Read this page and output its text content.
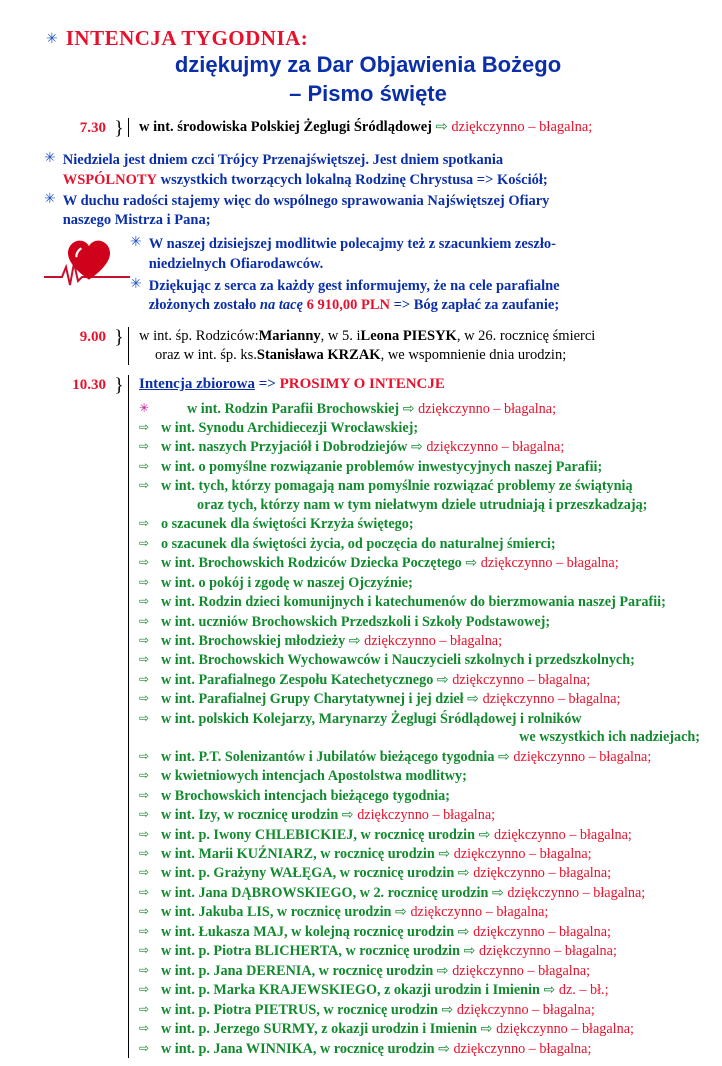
✳ INTENCJA TYGODNIA:
dziękujmy za Dar Objawienia Bożego
– Pismo święte
7.30 }	w int. środowiska Polskiej Żeglugi Śródlądowej ⇨ dziękczynno – błagalna;
✳ Niedziela jest dniem czci Trójcy Przenajświętszej. Jest dniem spotkania
WSPÓLNOTY wszystkich tworzących lokalną Rodzinę Chrystusa => Kościół;
✳ W duchu radości stajemy więc do wspólnego sprawowania Najświętszej Ofiary
naszego Mistrza i Pana;
✳ W naszej dzisiejszej modlitwie polecajmy też z szacunkiem zeszło-
niedzielnych Ofiarodawców.
✳ Dziękując z serca za każdy gest informujemy, że na cele parafialne
złożonych zostało na tacę 6 910,00 PLN => Bóg zapłać za zaufanie;
9.00 }	w int. śp. Rodziców:Marianny, w 5. iLeona PIESYK, w 26. rocznicę śmierci
oraz w int. śp. ks.Stanisława KRZAK, we wspomnienie dnia urodzin;
10.30 } Intencja zbiorowa => PROSIMY O INTENCJE
✳	w int. Rodzin Parafii Brochowskiej ⇨ dziękczynno – błagalna;
⇨ w int. Synodu Archidiecezji Wrocławskiej;
⇨ w int. naszych Przyjaciół i Dobrodziejów ⇨ dziękczynno – błagalna;
⇨ w int. o pomyślne rozwiązanie problemów inwestycyjnych naszej Parafii;
⇨ w int. tych, którzy pomagają nam pomyślnie rozwiązać problemy ze świątynią
oraz tych, którzy nam w tym niełatwym dziele utrudniają i przeszkadzają;
⇨ o szacunek dla świętości Krzyża świętego;
⇨ o szacunek dla świętości życia, od poczęcia do naturalnej śmierci;
⇨ w int. Brochowskich Rodziców Dziecka Poczętego ⇨ dziękczynno – błagalna;
⇨ w int. o pokój i zgodę w naszej Ojczyźnie;
⇨ w int. Rodzin dzieci komunijnych i katechumenów do bierzmowania naszej Parafii;
⇨ w int. uczniów Brochowskich Przedszkoli i Szkoły Podstawowej;
⇨ w int. Brochowskiej młodzieży ⇨ dziękczynno – błagalna;
⇨ w int. Brochowskich Wychowawców i Nauczycieli szkolnych i przedszkolnych;
⇨ w int. Parafialnego Zespołu Katechetycznego ⇨ dziękczynno – błagalna;
⇨ w int. Parafialnej Grupy Charytatywnej i jej dzieł ⇨ dziękczynno – błagalna;
⇨ w int. polskich Kolejarzy, Marynarzy Żeglugi Śródlądowej i rolników
we wszystkich ich nadziejach;
⇨ w int. P.T. Solenizantów i Jubilatów bieżącego tygodnia ⇨ dziękczynno – błagalna;
⇨ w kwietniowych intencjach Apostolstwa modlitwy;
⇨ w Brochowskich intencjach bieżącego tygodnia;
⇨ w int. Izy, w rocznicę urodzin ⇨ dziękczynno – błagalna;
⇨ w int. p. Iwony CHLEBICKIEJ, w rocznicę urodzin ⇨ dziękczynno – błagalna;
⇨ w int. Marii KUŹNIARZ, w rocznicę urodzin ⇨ dziękczynno – błagalna;
⇨ w int. p. Grażyny WAŁĘGA, w rocznicę urodzin ⇨ dziękczynno – błagalna;
⇨ w int. Jana DĄBROWSKIEGO, w 2. rocznicę urodzin ⇨ dziękczynno – błagalna;
⇨ w int. Jakuba LIS, w rocznicę urodzin ⇨ dziękczynno – błagalna;
⇨ w int. Łukasza MAJ, w kolejną rocznicę urodzin ⇨ dziękczynno – błagalna;
⇨ w int. p. Piotra BLICHERTA, w rocznicę urodzin ⇨ dziękczynno – błagalna;
⇨ w int. p. Jana DERENIA, w rocznicę urodzin ⇨ dziękczynno – błagalna;
⇨ w int. p. Marka KRAJEWSKIEGO, z okazji urodzin i Imienin ⇨ dz. – bł.;
⇨ w int. p. Piotra PIETRUS, w rocznicę urodzin ⇨ dziękczynno – błagalna;
⇨ w int. p. Jerzego SURMY, z okazji urodzin i Imienin ⇨ dziękczynno – błagalna;
⇨ w int. p. Jana WINNIKA, w rocznicę urodzin ⇨ dziękczynno – błagalna;
